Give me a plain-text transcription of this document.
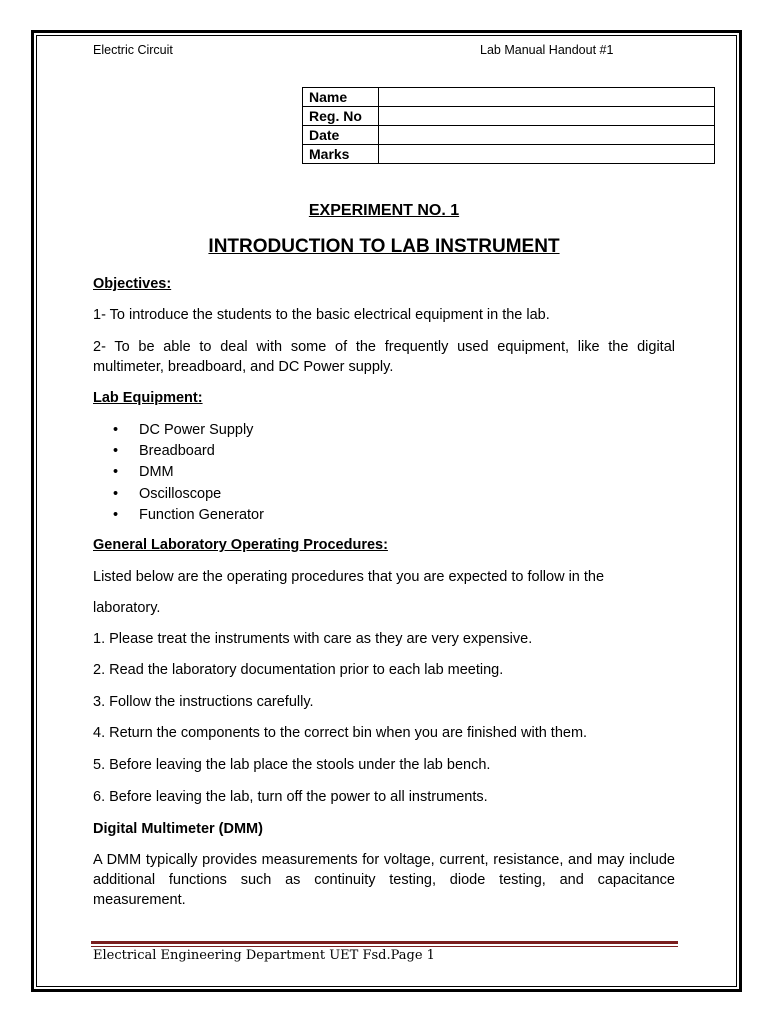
Electric Circuit	Lab Manual Handout #1
Name	
Reg. No	
Date	
Marks	
EXPERIMENT NO. 1
INTRODUCTION TO LAB INSTRUMENT
Objectives:
1- To introduce the students to the basic electrical equipment in the lab.
2- To be able to deal with some of the frequently used equipment, like the digital multimeter, breadboard, and DC Power supply.
Lab Equipment:
• DC Power Supply
• Breadboard
• DMM
• Oscilloscope
• Function Generator
General Laboratory Operating Procedures:
Listed below are the operating procedures that you are expected to follow in the
laboratory.
1. Please treat the instruments with care as they are very expensive.
2. Read the laboratory documentation prior to each lab meeting.
3. Follow the instructions carefully.
4. Return the components to the correct bin when you are finished with them.
5. Before leaving the lab place the stools under the lab bench.
6. Before leaving the lab, turn off the power to all instruments.
Digital Multimeter (DMM)
A DMM typically provides measurements for voltage, current, resistance, and may include additional functions such as continuity testing, diode testing, and capacitance measurement.
Electrical Engineering Department UET Fsd.Page 1
